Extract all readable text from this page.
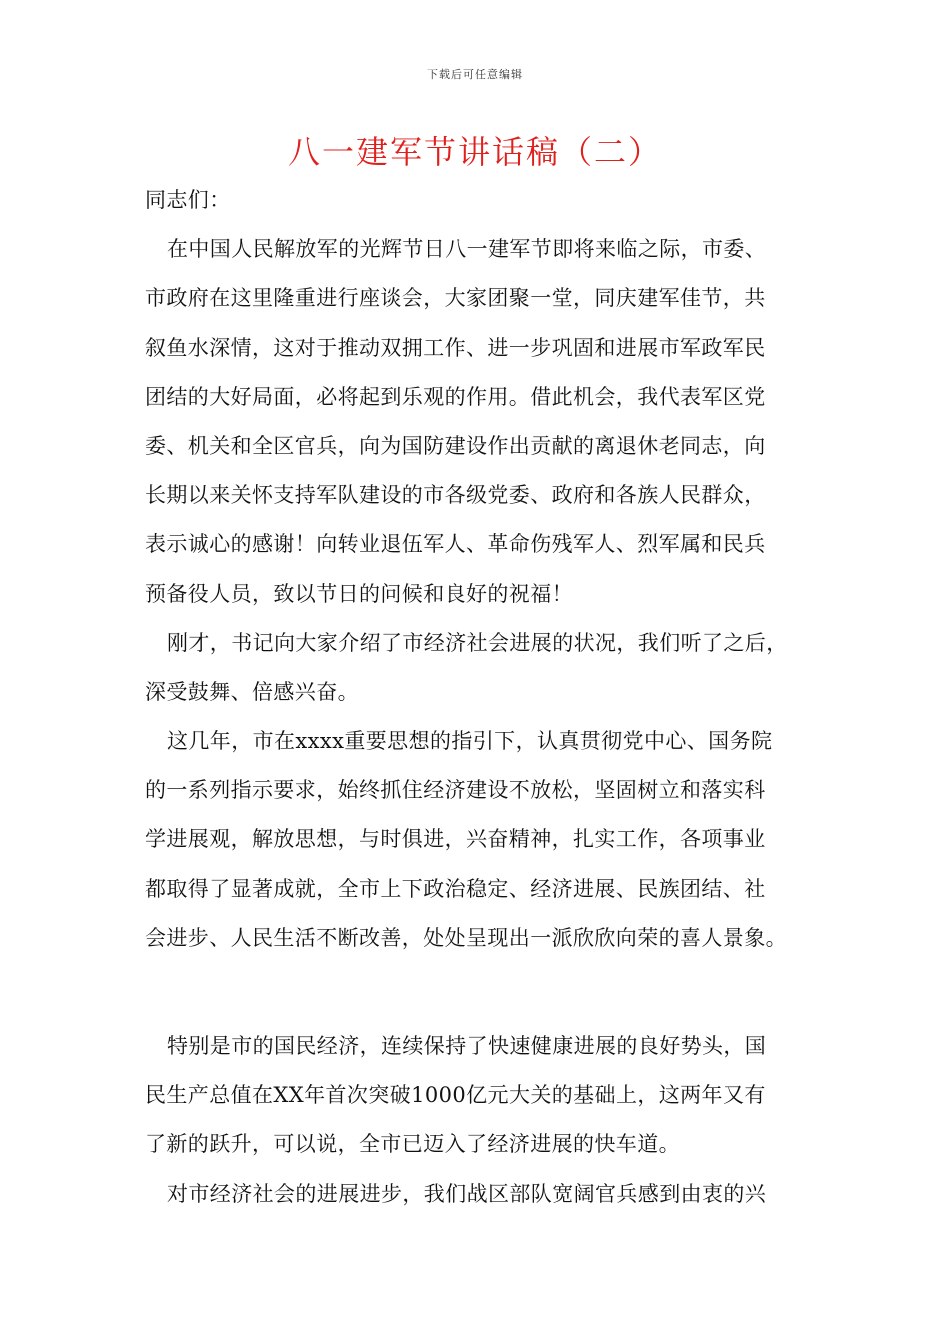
下载后可任意编辑
八一建军节讲话稿（二）
同志们：
在中国人民解放军的光辉节日八一建军节即将来临之际，市委、
市政府在这里隆重进行座谈会，大家团聚一堂，同庆建军佳节，共
叙鱼水深情，这对于推动双拥工作、进一步巩固和进展市军政军民
团结的大好局面，必将起到乐观的作用。借此机会，我代表军区党
委、机关和全区官兵，向为国防建设作出贡献的离退休老同志，向
长期以来关怀支持军队建设的市各级党委、政府和各族人民群众，
表示诚心的感谢！向转业退伍军人、革命伤残军人、烈军属和民兵
预备役人员，致以节日的问候和良好的祝福！
刚才，书记向大家介绍了市经济社会进展的状况，我们听了之后，
深受鼓舞、倍感兴奋。
这几年，市在xxxx重要思想的指引下，认真贯彻党中心、国务院
的一系列指示要求，始终抓住经济建设不放松，坚固树立和落实科
学进展观，解放思想，与时俱进，兴奋精神，扎实工作，各项事业
都取得了显著成就，全市上下政治稳定、经济进展、民族团结、社
会进步、人民生活不断改善，处处呈现出一派欣欣向荣的喜人景象。
特别是市的国民经济，连续保持了快速健康进展的良好势头，国
民生产总值在XX年首次突破1000亿元大关的基础上，这两年又有
了新的跃升，可以说，全市已迈入了经济进展的快车道。
对市经济社会的进展进步，我们战区部队宽阔官兵感到由衷的兴
